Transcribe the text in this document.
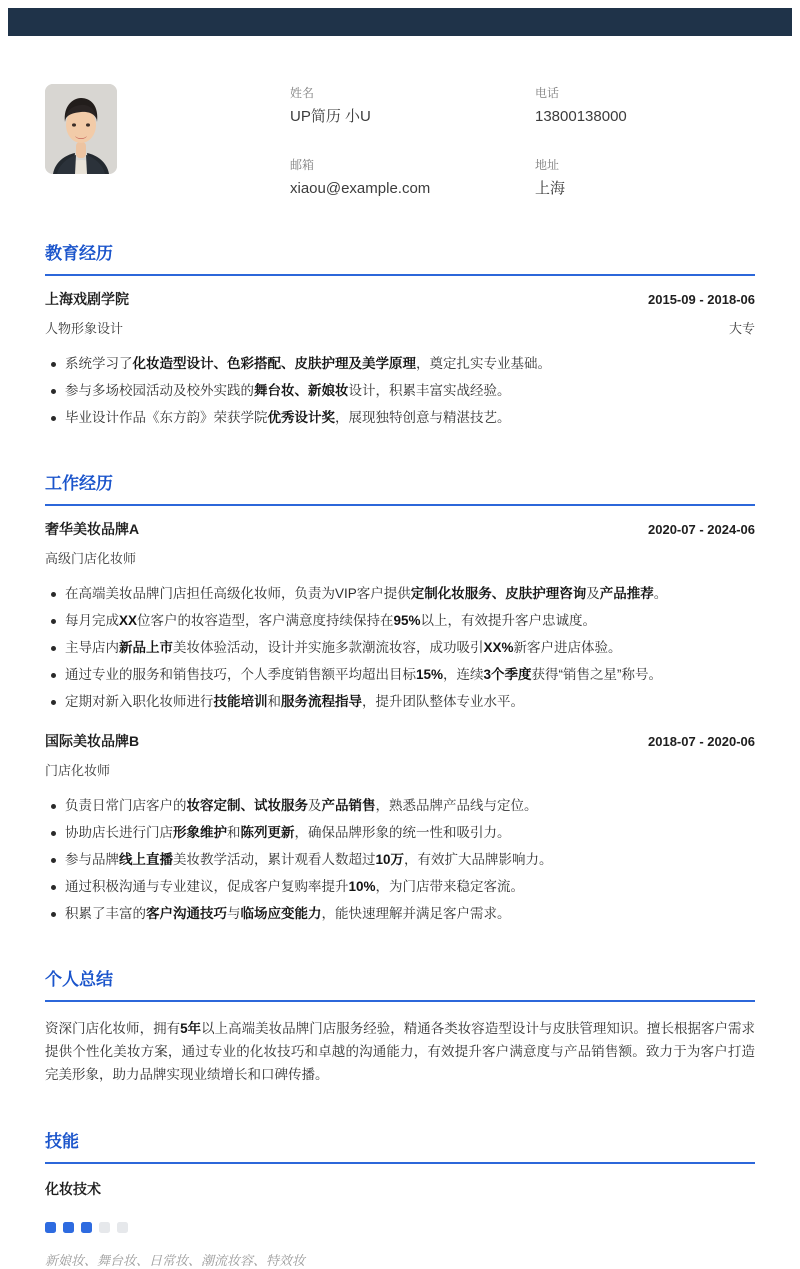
姓名
UP简历 小U
电话
13800138000
邮箱
xiaou@example.com
地址
上海
教育经历
上海戏剧学院	2015-09 - 2018-06
人物形象设计	大专
系统学习了化妆造型设计、色彩搭配、皮肤护理及美学原理，奠定扎实专业基础。
参与多场校园活动及校外实践的舞台妆、新娘妆设计，积累丰富实战经验。
毕业设计作品《东方韵》荣获学院优秀设计奖，展现独特创意与精湛技艺。
工作经历
奢华美妆品牌A	2020-07 - 2024-06
高级门店化妆师
在高端美妆品牌门店担任高级化妆师，负责为VIP客户提供定制化妆服务、皮肤护理咨询及产品推荐。
每月完成XX位客户的妆容造型，客户满意度持续保持在95%以上，有效提升客户忠诚度。
主导店内新品上市美妆体验活动，设计并实施多款潮流妆容，成功吸引XX%新客户进店体验。
通过专业的服务和销售技巧，个人季度销售额平均超出目标15%，连续3个季度获得“销售之星”称号。
定期对新入职化妆师进行技能培训和服务流程指导，提升团队整体专业水平。
国际美妆品牌B	2018-07 - 2020-06
门店化妆师
负责日常门店客户的妆容定制、试妆服务及产品销售，熟悉品牌产品线与定位。
协助店长进行门店形象维护和陈列更新，确保品牌形象的统一性和吸引力。
参与品牌线上直播美妆教学活动，累计观看人数超过10万，有效扩大品牌影响力。
通过积极沟通与专业建议，促成客户复购率提升10%，为门店带来稳定客流。
积累了丰富的客户沟通技巧与临场应变能力，能快速理解并满足客户需求。
个人总结

资深门店化妆师，拥有5年以上高端美妆品牌门店服务经验，精通各类妆容造型设计与皮肤管理知识。擅长根据客户需求提供个性化美妆方案，通过专业的化妆技巧和卓越的沟通能力，有效提升客户满意度与产品销售额。致力于为客户打造完美形象，助力品牌实现业绩增长和口碑传播。

技能
化妆技术
新娘妆、舞台妆、日常妆、潮流妆容、特效妆
